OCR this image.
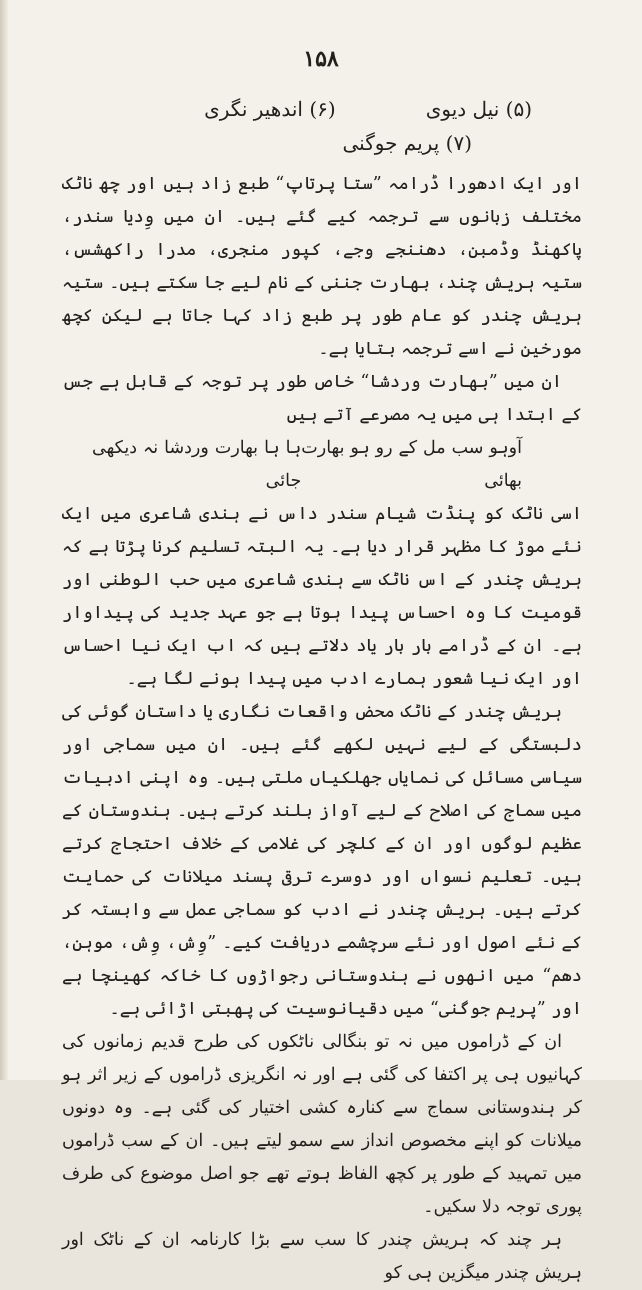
۱۵۸
(۵) نیل دیوی
(۶) اندھیر نگری
(۷) پریم جوگنی

اور ایک ادھورا ڈرامہ ”ستا پرتاپ“ طبع زاد ہیں اور چھ ناٹک مختلف زبانوں سے ترجمہ کیے گئے ہیں۔ ان میں وِدیا سندر، پاکھنڈ وڈمبن، دھننجے وجے، کپور منجری، مدرا راکھشس، ستیہ ہریش چند، بھارت جننی کے نام لیے جا سکتے ہیں۔ ستیہ ہریش چندر کو عام طور پر طبع زاد کہا جاتا ہے لیکن کچھ مورخین نے اسے ترجمہ بتایا ہے۔

ان میں ”بھارت وردشا“ خاص طور پر توجہ کے قابل ہے جس کے ابتدا ہی میں یہ مصرعے آتے ہیں

آوہو سب مل کے رو ہو بھارت بھائی
ہا ہا بھارت وردشا نہ دیکھی جائی

اسی ناٹک کو پنڈت شیام سندر داس نے ہندی شاعری میں ایک نئے موڑ کا مظہر قرار دیا ہے۔ یہ البتہ تسلیم کرنا پڑتا ہے کہ ہریش چندر کے اس ناٹک سے ہندی شاعری میں حب الوطنی اور قومیت کا وہ احساس پیدا ہوتا ہے جو عہد جدید کی پیداوار ہے۔ ان کے ڈرامے بار بار یاد دلاتے ہیں کہ اب ایک نیا احساس اور ایک نیا شعور ہمارے ادب میں پیدا ہونے لگا ہے۔

ہریش چندر کے ناٹک محض واقعات نگاری یا داستان گوئی کی دلبستگی کے لیے نہیں لکھے گئے ہیں۔ ان میں سماجی اور سیاسی مسائل کی نمایاں جھلکیاں ملتی ہیں۔ وہ اپنی ادبیات میں سماج کی اصلاح کے لیے آواز بلند کرتے ہیں۔ ہندوستان کے عظیم لوگوں اور ان کے کلچر کی غلامی کے خلاف احتجاج کرتے ہیں۔ تعلیم نسواں اور دوسرے ترقی پسند میلانات کی حمایت کرتے ہیں۔ ہریش چندر نے ادب کو سماجی عمل سے وابستہ کر کے نئے اصول اور نئے سرچشمے دریافت کیے۔ ”وِش، وِش، موہن، دھم“ میں انھوں نے ہندوستانی رجواڑوں کا خاکہ کھینچا ہے اور ”پریم جوگنی“ میں دقیانوسیت کی پھبتی اڑائی ہے۔

ان کے ڈراموں میں نہ تو بنگالی ناٹکوں کی طرح قدیم زمانوں کی کہانیوں ہی پر اکتفا کی گئی ہے اور نہ انگریزی ڈراموں کے زیر اثر ہو کر ہندوستانی سماج سے کنارہ کشی اختیار کی گئی ہے۔ وہ دونوں میلانات کو اپنے مخصوص انداز سے سمو لیتے ہیں۔ ان کے سب ڈراموں میں تمہید کے طور پر کچھ الفاظ ہوتے تھے جو اصل موضوع کی طرف پوری توجہ دلا سکیں۔

ہر چند کہ ہریش چندر کا سب سے بڑا کارنامہ ان کے ناٹک اور ہریش چندر میگزین ہی کو
